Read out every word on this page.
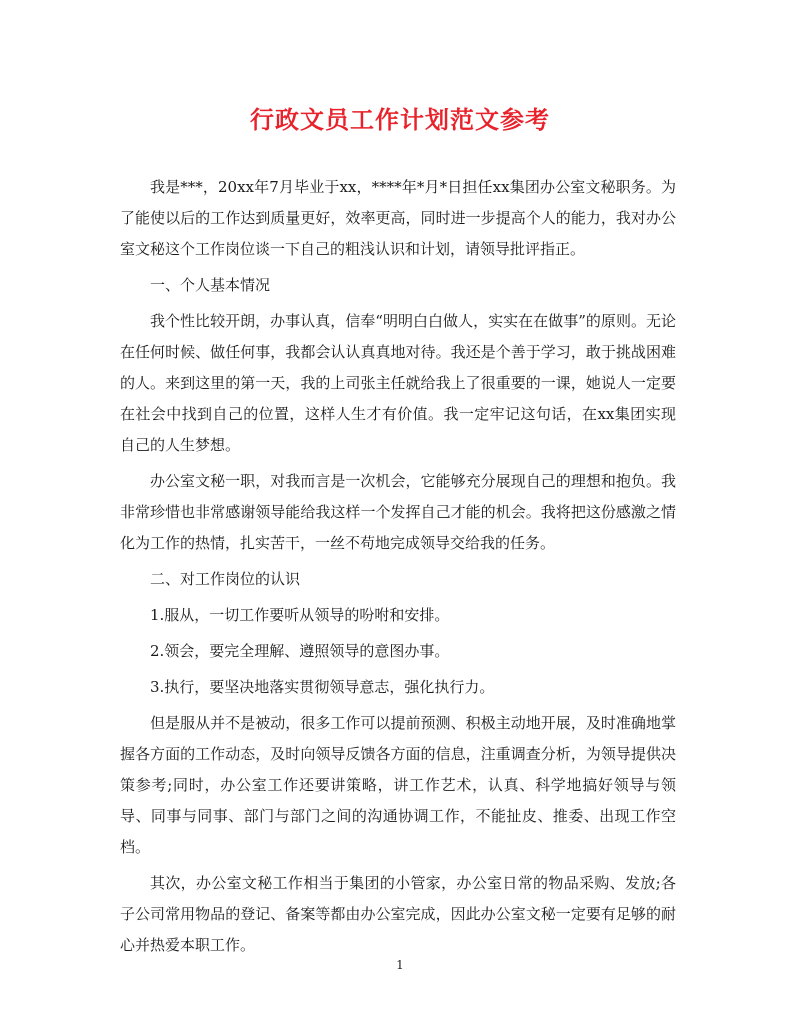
行政文员工作计划范文参考

我是***，20xx年7月毕业于xx，****年*月*日担任xx集团办公室文秘职务。为了能使以后的工作达到质量更好，效率更高，同时进一步提高个人的能力，我对办公室文秘这个工作岗位谈一下自己的粗浅认识和计划，请领导批评指正。

一、个人基本情况

我个性比较开朗，办事认真，信奉“明明白白做人，实实在在做事”的原则。无论在任何时候、做任何事，我都会认认真真地对待。我还是个善于学习，敢于挑战困难的人。来到这里的第一天，我的上司张主任就给我上了很重要的一课，她说人一定要在社会中找到自己的位置，这样人生才有价值。我一定牢记这句话，在xx集团实现自己的人生梦想。

办公室文秘一职，对我而言是一次机会，它能够充分展现自己的理想和抱负。我非常珍惜也非常感谢领导能给我这样一个发挥自己才能的机会。我将把这份感激之情化为工作的热情，扎实苦干，一丝不苟地完成领导交给我的任务。

二、对工作岗位的认识

1.服从，一切工作要听从领导的吩咐和安排。

2.领会，要完全理解、遵照领导的意图办事。

3.执行，要坚决地落实贯彻领导意志，强化执行力。

但是服从并不是被动，很多工作可以提前预测、积极主动地开展，及时准确地掌握各方面的工作动态，及时向领导反馈各方面的信息，注重调查分析，为领导提供决策参考;同时，办公室工作还要讲策略，讲工作艺术，认真、科学地搞好领导与领导、同事与同事、部门与部门之间的沟通协调工作，不能扯皮、推委、出现工作空档。

其次，办公室文秘工作相当于集团的小管家，办公室日常的物品采购、发放;各子公司常用物品的登记、备案等都由办公室完成，因此办公室文秘一定要有足够的耐心并热爱本职工作。

1
